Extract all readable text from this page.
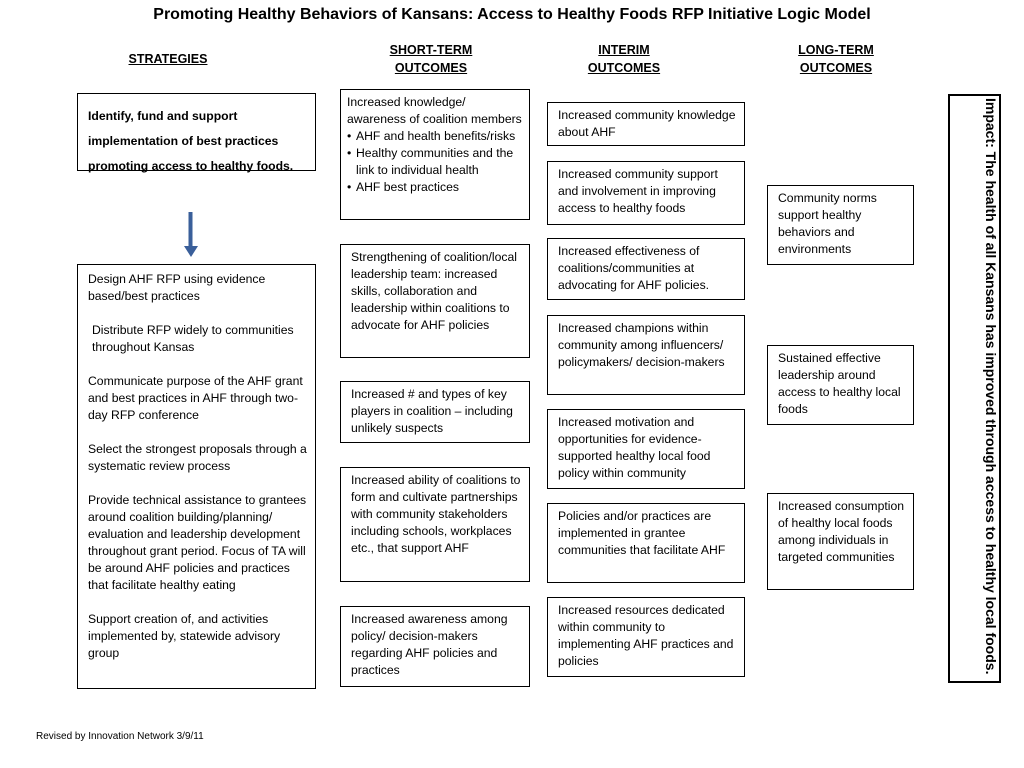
Promoting Healthy Behaviors of Kansans: Access to Healthy Foods RFP Initiative Logic Model
STRATEGIES
SHORT-TERM
OUTCOMES
INTERIM
OUTCOMES
LONG-TERM
OUTCOMES

Identify, fund and support implementation of best practices promoting access to healthy foods.

Design AHF RFP using evidence based/best practices

Distribute RFP widely to communities throughout Kansas

Communicate purpose of the AHF grant and best practices in AHF through two-day RFP conference

Select the strongest proposals through a systematic review process

Provide technical assistance to grantees around coalition building/planning/ evaluation and leadership development throughout grant period. Focus of TA will be around AHF policies and practices that facilitate healthy eating

Support creation of, and activities implemented by, statewide advisory group

Increased knowledge/ awareness of coalition members

• AHF and health benefits/risks
• Healthy communities and the link to individual health
• AHF best practices

Strengthening of coalition/local leadership team: increased skills, collaboration and leadership within coalitions to advocate for AHF policies

Increased # and types of key players in coalition – including unlikely suspects

Increased ability of coalitions to form and cultivate partnerships with community stakeholders including schools, workplaces etc., that support AHF

Increased awareness among policy/ decision-makers regarding AHF policies and practices

Increased community knowledge about AHF

Increased community support and involvement in improving access to healthy foods

Increased effectiveness of coalitions/communities at advocating for AHF policies.

Increased champions within community among influencers/ policymakers/ decision-makers

Increased motivation and opportunities for evidence-supported healthy local food policy within community

Policies and/or practices are implemented in grantee communities that facilitate AHF

Increased resources dedicated within community to implementing AHF practices and policies

Community norms support healthy behaviors and environments

Sustained effective leadership around access to healthy local foods

Increased consumption of healthy local foods among individuals in targeted communities	Impact: The health of all Kansans has improved through access to healthy local foods.
Revised by Innovation Network 3/9/11
